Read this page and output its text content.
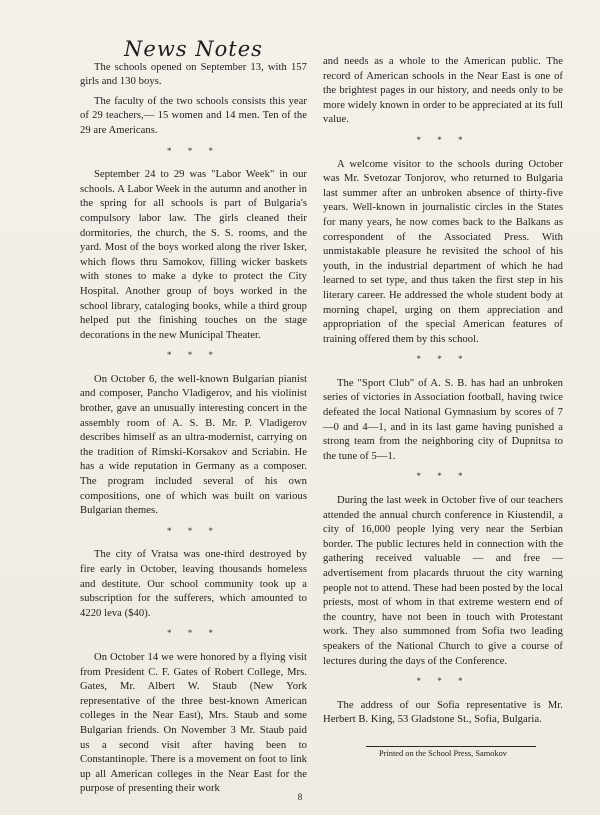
News Notes

The schools opened on September 13, with 157 girls and 130 boys.

The faculty of the two schools consists this year of 29 teachers,— 15 women and 14 men. Ten of the 29 are Americans.

* * *

September 24 to 29 was "Labor Week" in our schools. A Labor Week in the autumn and another in the spring for all schools is part of Bulgaria's compulsory labor law. The girls cleaned their dormitories, the church, the S. S. rooms, and the yard. Most of the boys worked along the river Isker, which flows thru Samokov, filling wicker baskets with stones to make a dyke to protect the City Hospital. Another group of boys worked in the school library, cataloging books, while a third group helped put the finishing touches on the stage decorations in the new Municipal Theater.

* * *

On October 6, the well-known Bulgarian pianist and composer, Pancho Vladigerov, and his violinist brother, gave an unusually interesting concert in the assembly room of A. S. B. Mr. P. Vladigerov describes himself as an ultra-modernist, carrying on the tradition of Rimski-Korsakov and Scriabin. He has a wide reputation in Germany as a composer. The program included several of his own compositions, one of which was built on various Bulgarian themes.

* * *

The city of Vratsa was one-third destroyed by fire early in October, leaving thousands homeless and destitute. Our school community took up a subscription for the sufferers, which amounted to 4220 leva ($40).

* * *

On October 14 we were honored by a flying visit from President C. F. Gates of Robert College, Mrs. Gates, Mr. Albert W. Staub (New York representative of the three best-known American colleges in the Near East), Mrs. Staub and some Bulgarian friends. On November 3 Mr. Staub paid us a second visit after having been to Constantinople. There is a movement on foot to link up all American colleges in the Near East for the purpose of presenting their work

and needs as a whole to the American public. The record of American schools in the Near East is one of the brightest pages in our history, and needs only to be more widely known in order to be appreciated at its full value.

* * *

A welcome visitor to the schools during October was Mr. Svetozar Tonjorov, who returned to Bulgaria last summer after an unbroken absence of thirty-five years. Well-known in journalistic circles in the States for many years, he now comes back to the Balkans as correspondent of the Associated Press. With unmistakable pleasure he revisited the school of his youth, in the industrial department of which he had learned to set type, and thus taken the first step in his literary career. He addressed the whole student body at morning chapel, urging on them appreciation and appropriation of the special American features of training offered them by this school.

* * *

The "Sport Club" of A. S. B. has had an unbroken series of victories in Association football, having twice defeated the local National Gymnasium by scores of 7—0 and 4—1, and in its last game having punished a strong team from the neighboring city of Dupnitsa to the tune of 5—1.

* * *

During the last week in October five of our teachers attended the annual church conference in Kiustendil, a city of 16,000 people lying very near the Serbian border. The public lectures held in connection with the gathering received valuable — and free — advertisement from placards thruout the city warning people not to attend. These had been posted by the local priests, most of whom in that extreme western end of the country, have not been in touch with Protestant work. They also summoned from Sofia two leading speakers of the National Church to give a course of lectures during the days of the Conference.

* * *

The address of our Sofia representative is Mr. Herbert B. King, 53 Gladstone St., Sofia, Bulgaria.

Printed on the School Press, Samokov
8
